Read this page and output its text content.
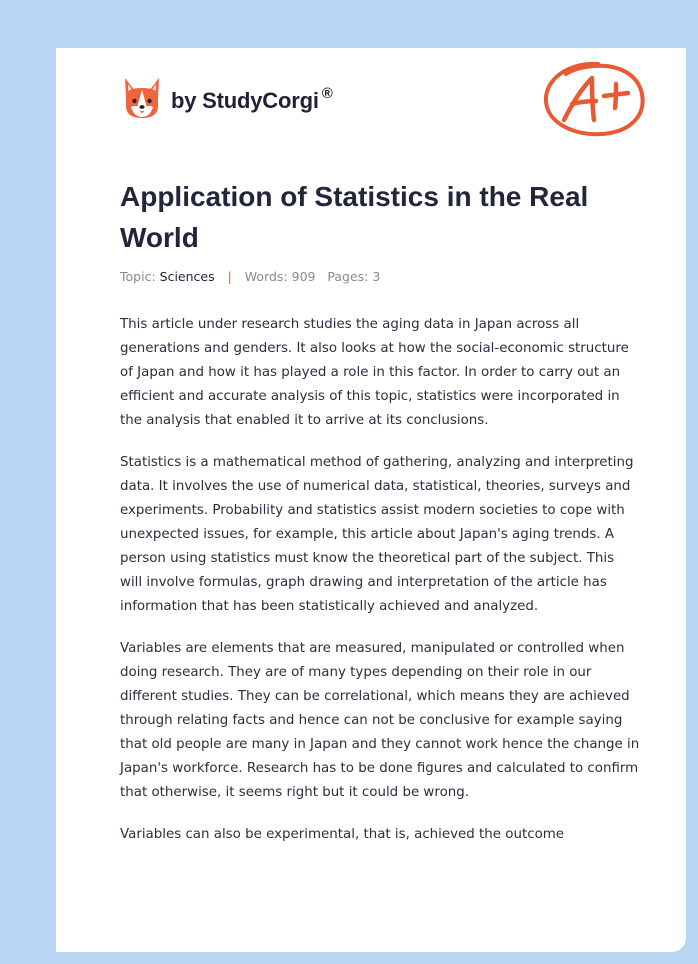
by StudyCorgi ®
Application of Statistics in the Real World
Topic: Sciences | Words: 909 Pages: 3

This article under research studies the aging data in Japan across all generations and genders. It also looks at how the social-economic structure of Japan and how it has played a role in this factor. In order to carry out an efficient and accurate analysis of this topic, statistics were incorporated in the analysis that enabled it to arrive at its conclusions.

Statistics is a mathematical method of gathering, analyzing and interpreting data. It involves the use of numerical data, statistical, theories, surveys and experiments. Probability and statistics assist modern societies to cope with unexpected issues, for example, this article about Japan's aging trends. A person using statistics must know the theoretical part of the subject. This will involve formulas, graph drawing and interpretation of the article has information that has been statistically achieved and analyzed.

Variables are elements that are measured, manipulated or controlled when doing research. They are of many types depending on their role in our different studies. They can be correlational, which means they are achieved through relating facts and hence can not be conclusive for example saying that old people are many in Japan and they cannot work hence the change in Japan's workforce. Research has to be done figures and calculated to confirm that otherwise, it seems right but it could be wrong.

Variables can also be experimental, that is, achieved the outcome
